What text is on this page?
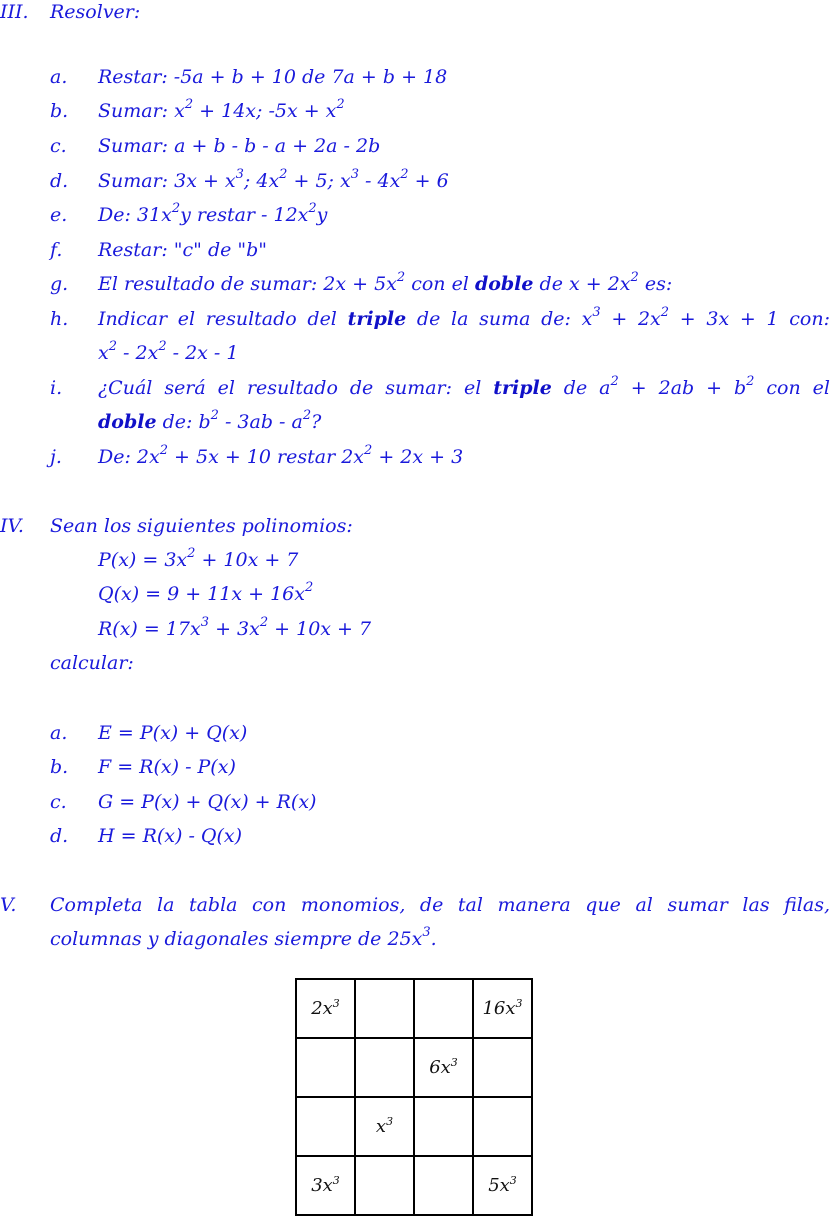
III. Resolver:
a. Restar: -5a + b + 10 de 7a + b + 18
b. Sumar: $x^2 + 14x$; $-5x + x^2$
c. Sumar: a + b - b - a + 2a - 2b
d. Sumar: $3x + x^3$; $4x^2 + 5$; $x^3 - 4x^2 + 6$
e. De: $31x^2y$ restar - $12x^2y$
f. Restar: "c" de "b"
g. El resultado de sumar: $2x + 5x^2$ con el doble de $x + 2x^2$ es:
h. Indicar el resultado del triple de la suma de: $x^3 + 2x^2 + 3x + 1$ con:
$x^2 - 2x^2 - 2x - 1$
i. ¿Cuál será el resultado de sumar: el triple de $a^2 + 2ab + b^2$ con el
doble de: $b^2 - 3ab - a^2$?
j. De: $2x^2 + 5x + 10$ restar $2x^2 + 2x + 3$
IV. Sean los siguientes polinomios:
$P(x) = 3x^2 + 10x + 7$
$Q(x) = 9 + 11x + 16x^2$
$R(x) = 17x^3 + 3x^2 + 10x + 7$
calcular:
a. E = P(x) + Q(x)
b. F = R(x) - P(x)
c. G = P(x) + Q(x) + R(x)
d. H = R(x) - Q(x)
V. Completa la tabla con monomios, de tal manera que al sumar las filas,
columnas y diagonales siempre de $25x^3$.
$2x^3$			$16x^3$
		$6x^3$	
	$x^3$		
$3x^3$			$5x^3$
